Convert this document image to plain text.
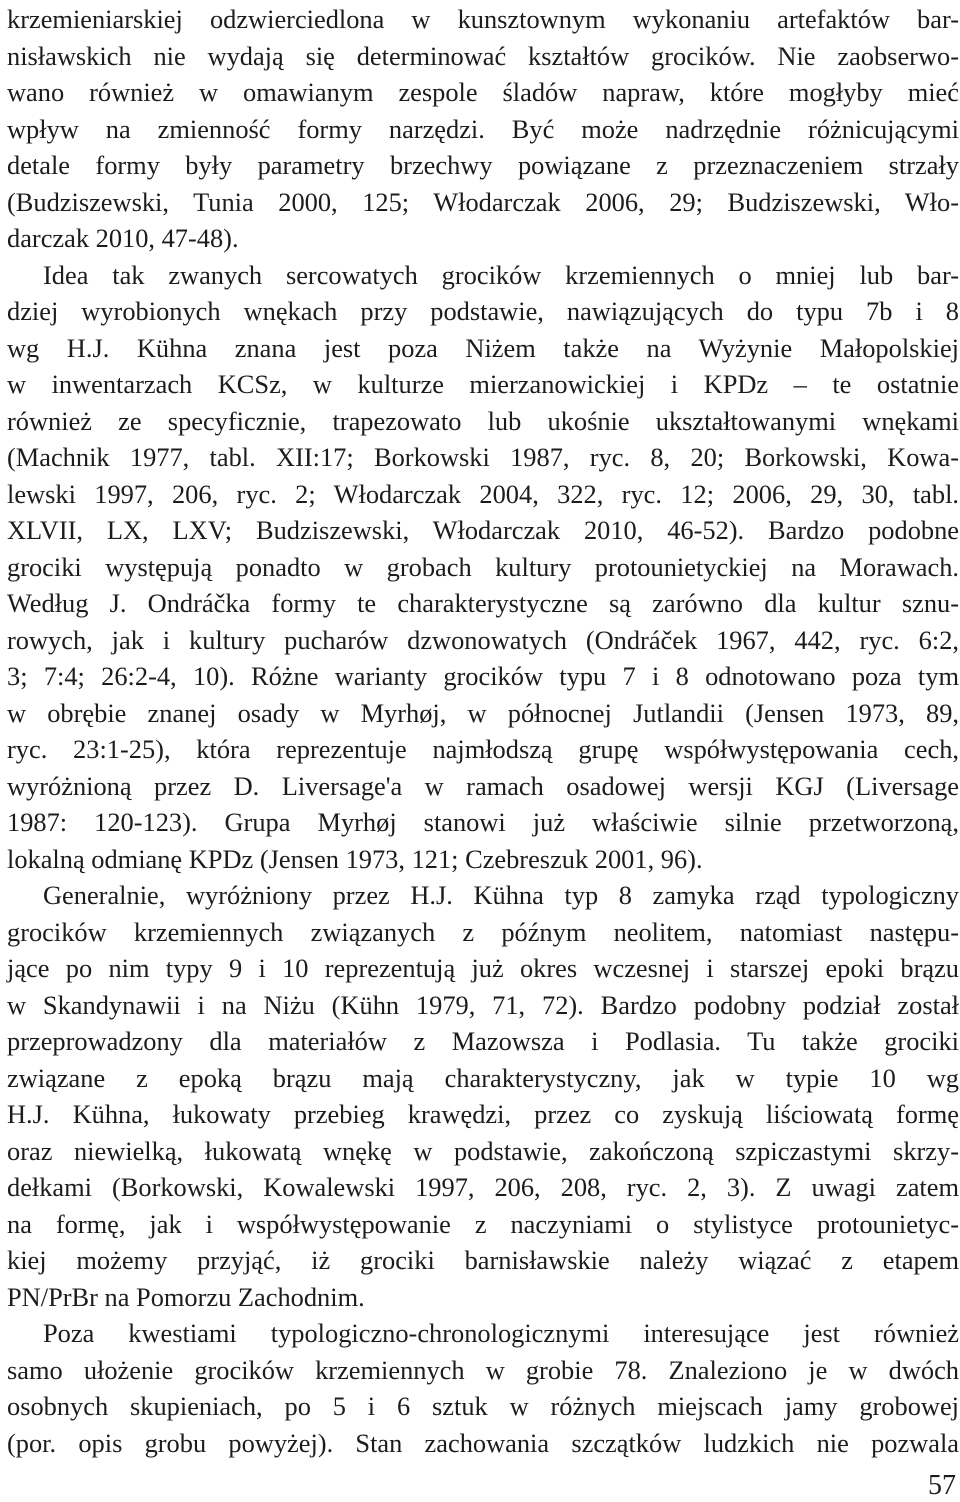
krzemieniarskiej odzwierciedlona w kunsztownym wykonaniu artefaktów bar-
nisławskich nie wydają się determinować kształtów grocików. Nie zaobserwo-
wano również w omawianym zespole śladów napraw, które mogłyby mieć
wpływ na zmienność formy narzędzi. Być może nadrzędnie różnicującymi
detale formy były parametry brzechwy powiązane z przeznaczeniem strzały
(Budziszewski, Tunia 2000, 125; Włodarczak 2006, 29; Budziszewski, Wło-
darczak 2010, 47-48).
Idea tak zwanych sercowatych grocików krzemiennych o mniej lub bar-
dziej wyrobionych wnękach przy podstawie, nawiązujących do typu 7b i 8
wg H.J. Kühna znana jest poza Niżem także na Wyżynie Małopolskiej
w inwentarzach KCSz, w kulturze mierzanowickiej i KPDz – te ostatnie
również ze specyficznie, trapezowato lub ukośnie ukształtowanymi wnękami
(Machnik 1977, tabl. XII:17; Borkowski 1987, ryc. 8, 20; Borkowski, Kowa-
lewski 1997, 206, ryc. 2; Włodarczak 2004, 322, ryc. 12; 2006, 29, 30, tabl.
XLVII, LX, LXV; Budziszewski, Włodarczak 2010, 46-52). Bardzo podobne
grociki występują ponadto w grobach kultury protounietyckiej na Morawach.
Według J. Ondráčka formy te charakterystyczne są zarówno dla kultur sznu-
rowych, jak i kultury pucharów dzwonowatych (Ondráček 1967, 442, ryc. 6:2,
3; 7:4; 26:2-4, 10). Różne warianty grocików typu 7 i 8 odnotowano poza tym
w obrębie znanej osady w Myrhøj, w północnej Jutlandii (Jensen 1973, 89,
ryc. 23:1-25), która reprezentuje najmłodszą grupę współwystępowania cech,
wyróżnioną przez D. Liversage'a w ramach osadowej wersji KGJ (Liversage
1987: 120-123). Grupa Myrhøj stanowi już właściwie silnie przetworzoną,
lokalną odmianę KPDz (Jensen 1973, 121; Czebreszuk 2001, 96).
Generalnie, wyróżniony przez H.J. Kühna typ 8 zamyka rząd typologiczny
grocików krzemiennych związanych z późnym neolitem, natomiast następu-
jące po nim typy 9 i 10 reprezentują już okres wczesnej i starszej epoki brązu
w Skandynawii i na Niżu (Kühn 1979, 71, 72). Bardzo podobny podział został
przeprowadzony dla materiałów z Mazowsza i Podlasia. Tu także grociki
związane z epoką brązu mają charakterystyczny, jak w typie 10 wg
H.J. Kühna, łukowaty przebieg krawędzi, przez co zyskują liściowatą formę
oraz niewielką, łukowatą wnękę w podstawie, zakończoną szpiczastymi skrzy-
dełkami (Borkowski, Kowalewski 1997, 206, 208, ryc. 2, 3). Z uwagi zatem
na formę, jak i współwystępowanie z naczyniami o stylistyce protounietyc-
kiej możemy przyjąć, iż grociki barnisławskie należy wiązać z etapem
PN/PrBr na Pomorzu Zachodnim.
Poza kwestiami typologiczno-chronologicznymi interesujące jest również
samo ułożenie grocików krzemiennych w grobie 78. Znaleziono je w dwóch
osobnych skupieniach, po 5 i 6 sztuk w różnych miejscach jamy grobowej
(por. opis grobu powyżej). Stan zachowania szczątków ludzkich nie pozwala
57
